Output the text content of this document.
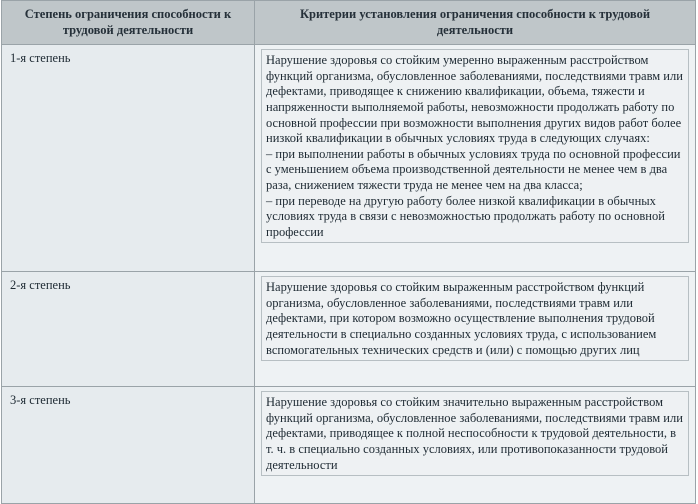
Степень ограничения способности к трудовой деятельности	Критерии установления ограничения способности к трудовой деятельности
1-я степень	Нарушение здоровья со стойким умеренно выраженным расстройством функций организма, обусловленное заболеваниями, последствиями травм или дефектами, приводящее к снижению квалификации, объема, тяжести и напряженности выполняемой работы, невозможности продолжать работу по основной профессии при возможности выполнения других видов работ более низкой квалификации в обычных условиях труда в следующих случаях:
– при выполнении работы в обычных условиях труда по основной профессии с уменьшением объема производственной деятельности не менее чем в два раза, снижением тяжести труда не менее чем на два класса;
– при переводе на другую работу более низкой квалификации в обычных условиях труда в связи с невозможностью продолжать работу по основной профессии

2-я степень	Нарушение здоровья со стойким выраженным расстройством функций организма, обусловленное заболеваниями, последствиями травм или дефектами, при котором возможно осуществление выполнения трудовой деятельности в специально созданных условиях труда, с использованием вспомогательных технических средств и (или) с помощью других лиц

3-я степень	Нарушение здоровья со стойким значительно выраженным расстройством функций организма, обусловленное заболеваниями, последствиями травм или дефектами, приводящее к полной неспособности к трудовой деятельности, в т. ч. в специально созданных условиях, или противопоказанности трудовой деятельности
